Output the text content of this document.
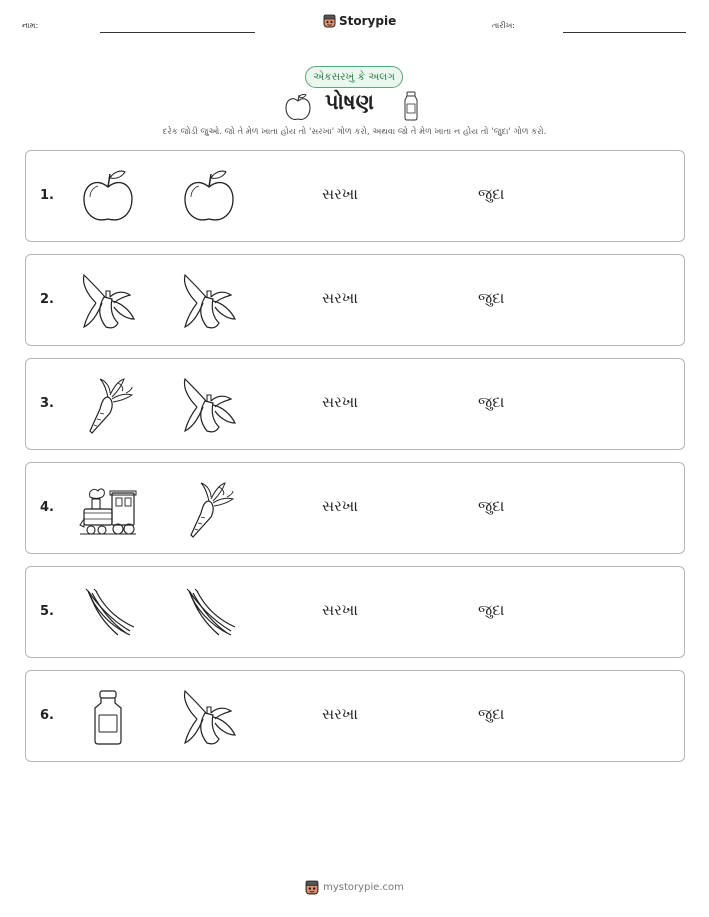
નામ:	Storypie	તારીખ:
એકસરખું કે અલગ
પોષણ
દરેક જોડી જુઓ. જો તે મેળ ખાતા હોય તો 'સરખા' ગોળ કરો, અથવા જો તે મેળ ખાતા ન હોય તો 'જુદા' ગોળ કરો.
1.	સરખા	જુદા
2.	સરખા	જુદા
3.	સરખા	જુદા
4.	સરખા	જુદા
5.	સરખા	જુદા
6.	સરખા	જુદા
mystorypie.com
